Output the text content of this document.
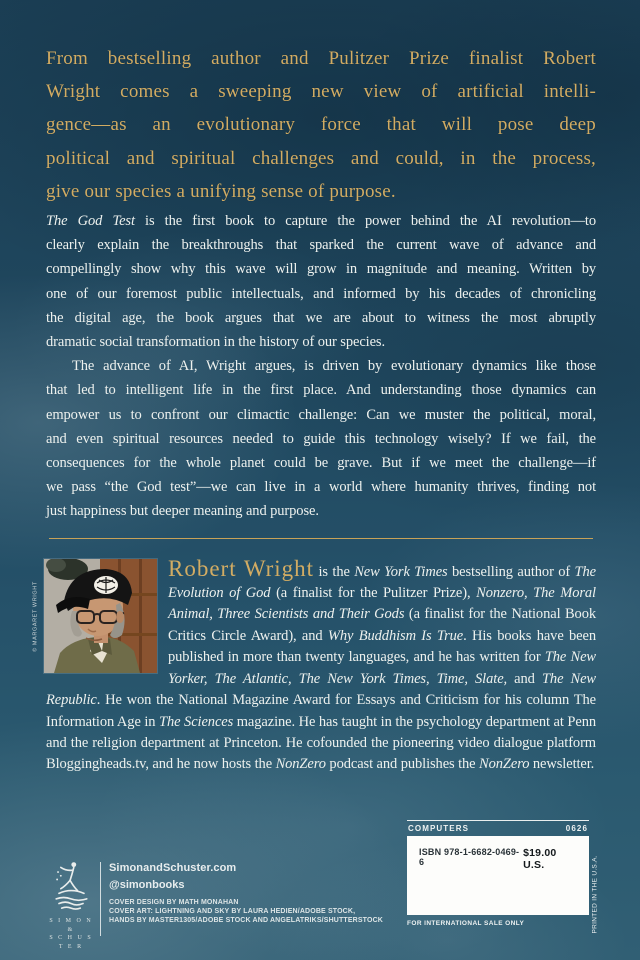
From bestselling author and Pulitzer Prize finalist Robert
Wright comes a sweeping new view of artificial intelli-
gence—as an evolutionary force that will pose deep
political and spiritual challenges and could, in the process,
give our species a unifying sense of purpose.
The God Test is the first book to capture the power behind the AI revolution—to
clearly explain the breakthroughs that sparked the current wave of advance and
compellingly show why this wave will grow in magnitude and meaning. Written by
one of our foremost public intellectuals, and informed by his decades of chronicling
the digital age, the book argues that we are about to witness the most abruptly
dramatic social transformation in the history of our species.
The advance of AI, Wright argues, is driven by evolutionary dynamics like those
that led to intelligent life in the first place. And understanding those dynamics can
empower us to confront our climactic challenge: Can we muster the political, moral,
and even spiritual resources needed to guide this technology wisely? If we fail, the
consequences for the whole planet could be grave. But if we meet the challenge—if
we pass “the God test”—we can live in a world where humanity thrives, finding not
just happiness but deeper meaning and purpose.

Robert Wright is the New York Times bestselling author of The Evolution of God (a finalist for the Pulitzer Prize), Nonzero, The Moral Animal, Three Scientists and Their Gods (a finalist for the National Book Critics Circle Award), and Why Buddhism Is True. His books have been published in more than twenty languages, and he has written for The New Yorker, The Atlantic, The New York Times, Time, Slate, and The New Republic. He won the National Magazine Award for Essays and Criticism for his column The Information Age in The Sciences magazine. He has taught in the psychology department at Penn and the religion department at Princeton. He cofounded the pioneering video dialogue platform Bloggingheads.tv, and he now hosts the NonZero podcast and publishes the NonZero newsletter.

© MARGARET WRIGHT
S I M O N &
S C H U S T E R
SimonandSchuster.com
@simonbooks
COVER DESIGN BY MATH MONAHAN
COVER ART: LIGHTNING AND SKY BY LAURA HEDIEN/ADOBE STOCK,
HANDS BY MASTER1305/ADOBE STOCK AND ANGELATRIKS/SHUTTERSTOCK
COMPUTERS	0626
ISBN 978-1-6682-0469-6
$19.00 U.S.
FOR INTERNATIONAL SALE ONLY	PRINTED IN THE U.S.A.
